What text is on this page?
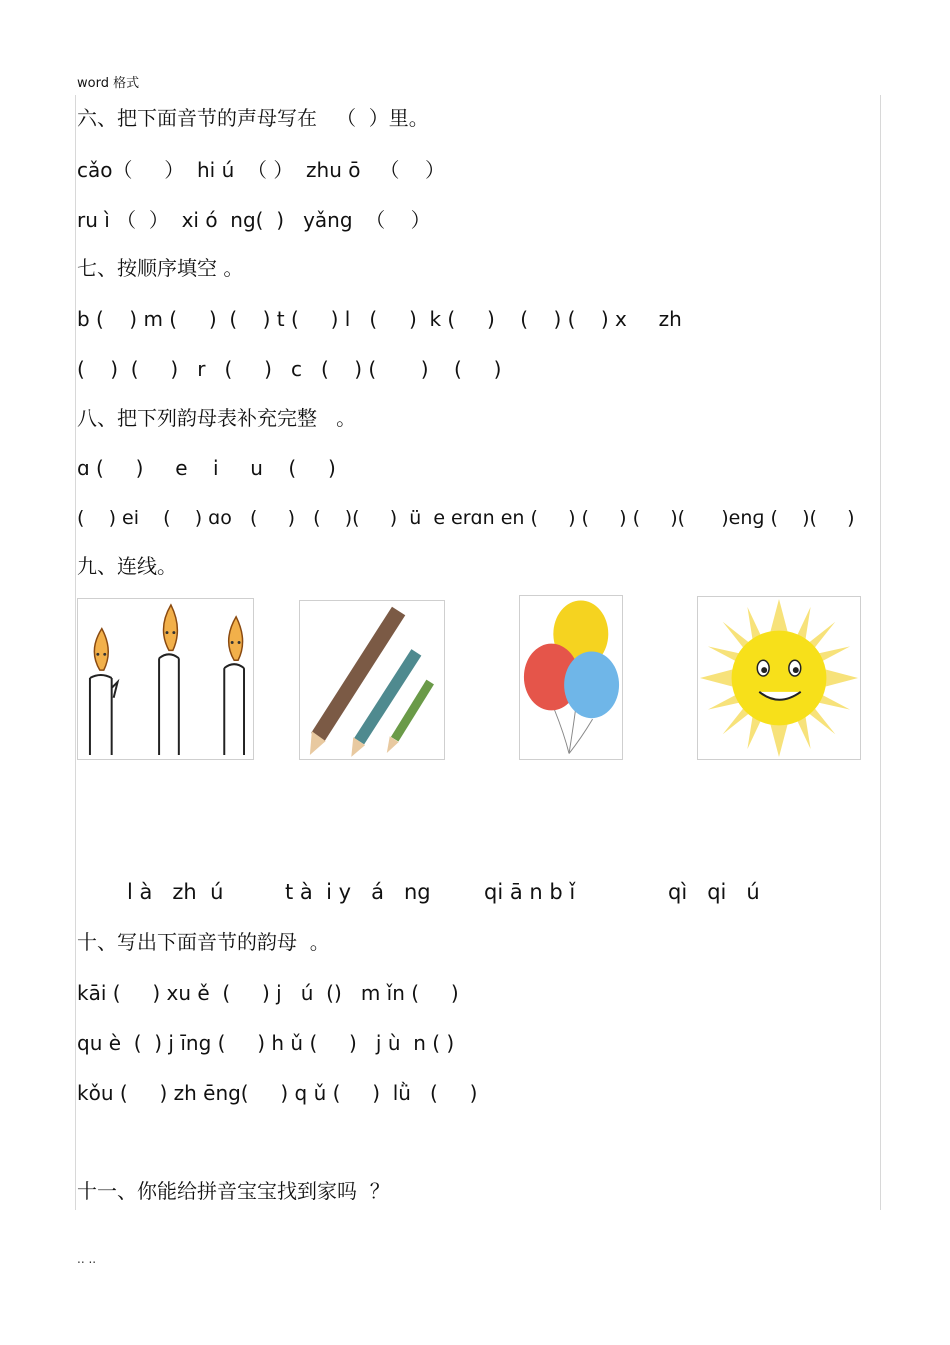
word 格式
六、把下面音节的声母写在   （  ）里。
cǎo（     ）  hi ú  （ ）  zhu ō   （    ）
ru ì （  ）  xi ó  ng(  )   yǎng  （    ）
七、按顺序填空 。
b (    ) m (     )  (    ) t (     ) l   (     )  k (     )    (    ) (    ) x     zh
(    )  (     )   r   (     )   c   (    ) (       )    (     )
八、把下列韵母表补充完整   。
ɑ (     )     e    i     u    (     )
(    ) ei    (    ) ɑo   (     )   (    )(     )  ü  e erɑn en (     ) (     ) (     )(      )enɡ (    )(     )
九、连线。
l à   zh  ú	t à  i y   á   ng	qi ā n b ǐ	qì   qi   ú
十、写出下面音节的韵母  。
kāi (     ) xu ě  (     ) j   ú  ()   m ǐn (     )
qu è  (  ) j īng (     ) h ǔ (     )   j ù  n ( )
kǒu (     ) zh ēng(     ) q ǔ (     )  lǜ   (     )
十一、你能给拼音宝宝找到家吗  ？
.. ..
